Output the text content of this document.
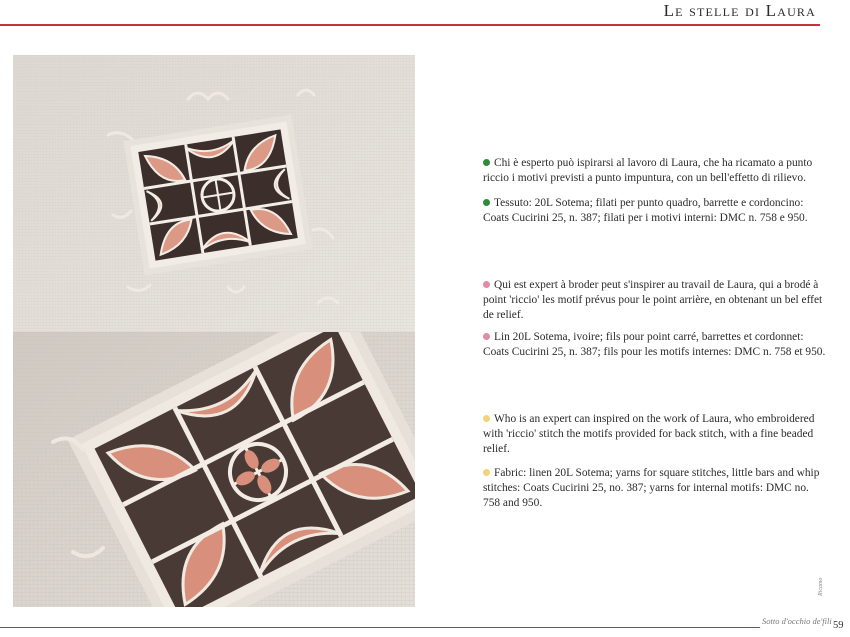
Le stelle di Laura

Chi è esperto può ispirarsi al lavoro di Laura, che ha ricamato a punto riccio i motivi previsti a punto impuntura, con un bell'effetto di rilievo.

Tessuto: 20L Sotema; filati per punto quadro, barrette e cordoncino: Coats Cucirini 25, n. 387; filati per i motivi interni: DMC n. 758 e 950.

Qui est expert à broder peut s'inspirer au travail de Laura, qui a brodé à point 'riccio' les motif prévus pour le point arrière, en obtenant un bel effet de relief.

Lin 20L Sotema, ivoire; fils pour point carré, barrettes et cordonnet: Coats Cucirini 25, n. 387; fils pour les motifs internes: DMC n. 758 et 950.

Who is an expert can inspired on the work of Laura, who embroidered with 'riccio' stitch the motifs provided for back stitch, with a fine beaded relief.

Fabric: linen 20L Sotema; yarns for square stitches, little bars and whip stitches: Coats Cucirini 25, no. 387; yarns for internal motifs: DMC no. 758 and 950.

Sotto d'occhio de'fili
Ricamo
59
